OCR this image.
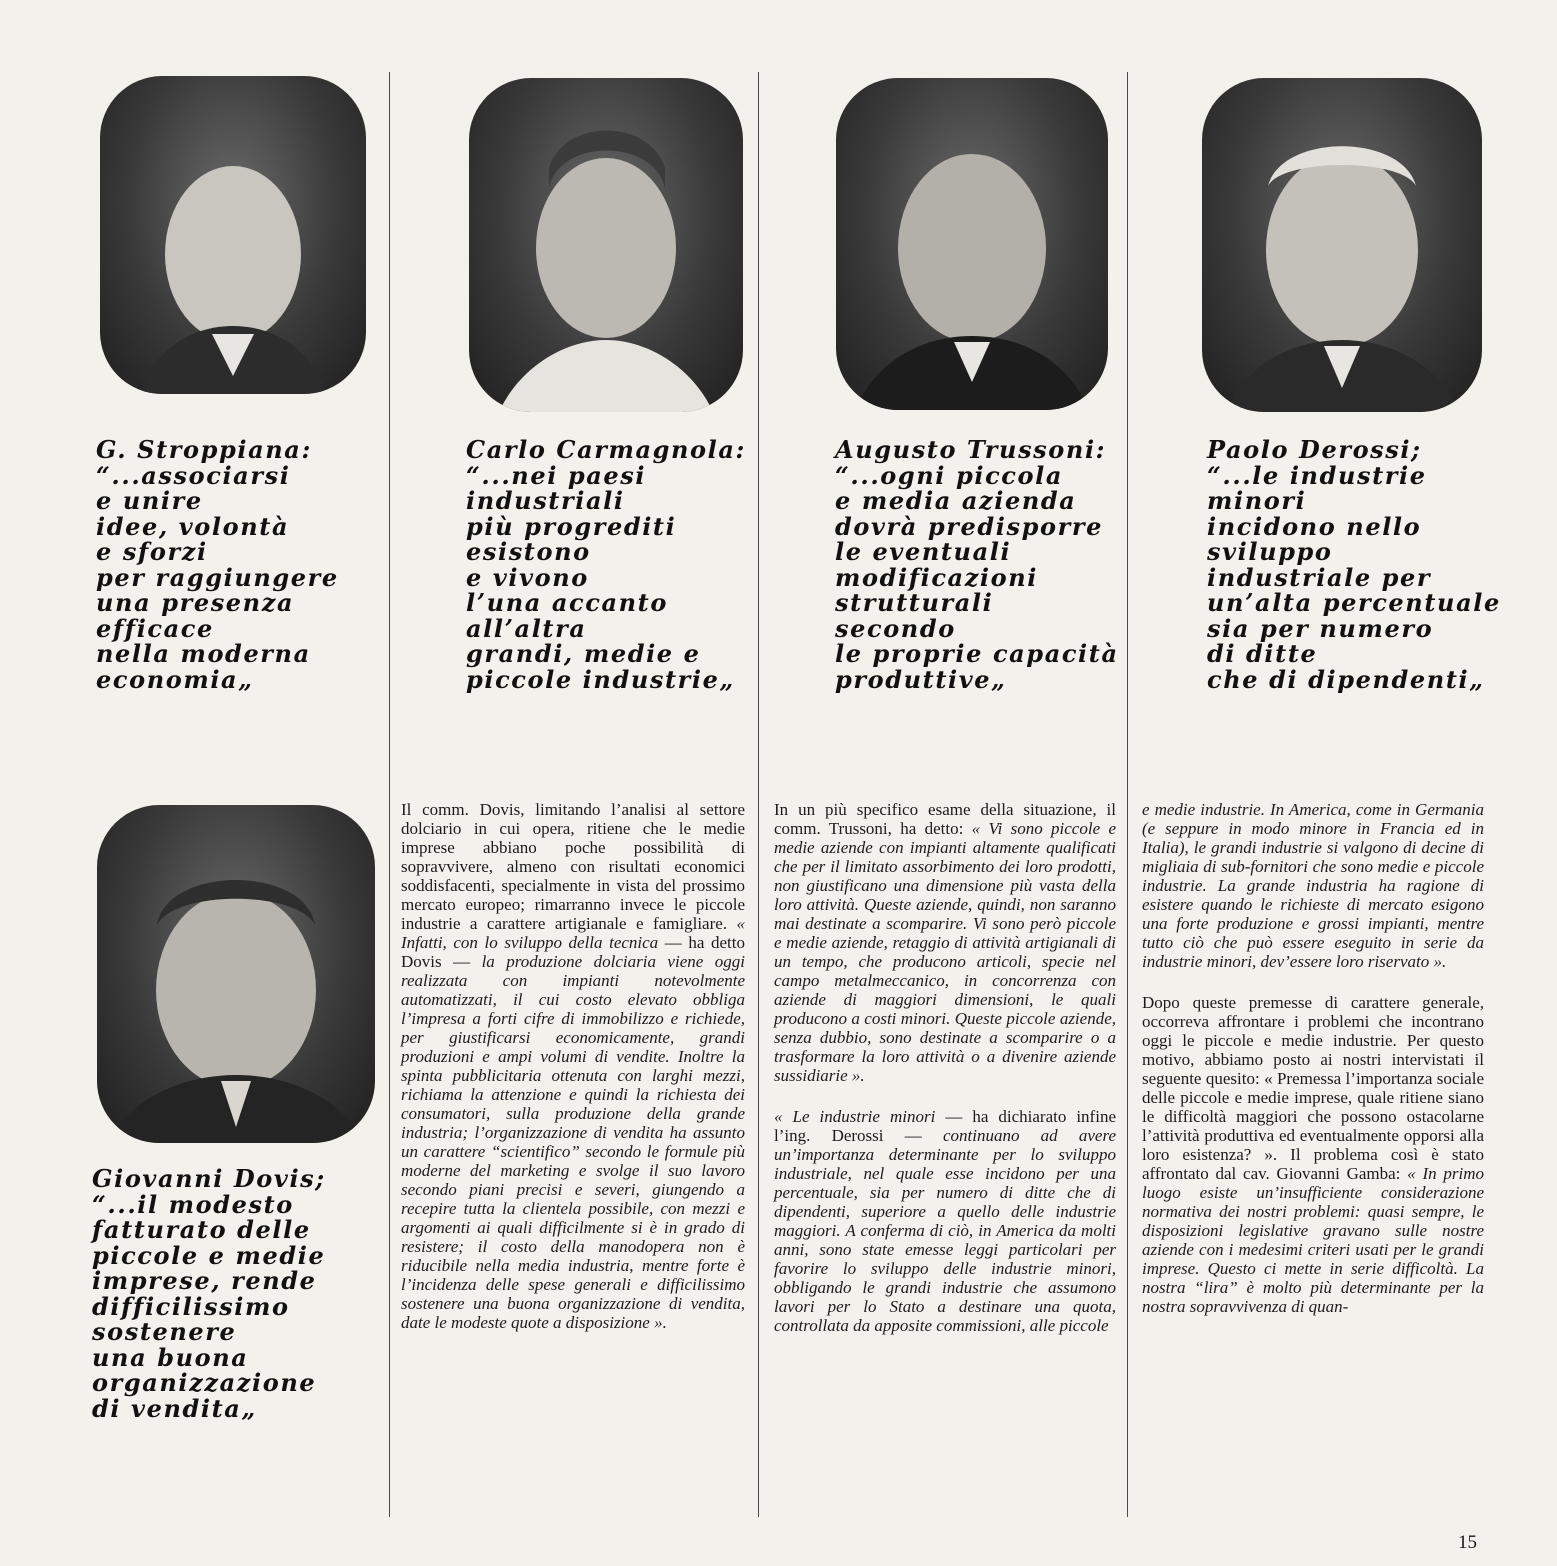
G. Stroppiana:
“...associarsi
e unire
idee, volontà
e sforzi
per raggiungere
una presenza
efficace
nella moderna
economia„
Carlo Carmagnola:
“...nei paesi
industriali
più progrediti
esistono
e vivono
l’una accanto
all’altra
grandi, medie e
piccole industrie„
Augusto Trussoni:
“...ogni piccola
e media azienda
dovrà predisporre
le eventuali
modificazioni
strutturali
secondo
le proprie capacità
produttive„
Paolo Derossi;
“...le industrie
minori
incidono nello
sviluppo
industriale per
un’alta percentuale
sia per numero
di ditte
che di dipendenti„
Giovanni Dovis;
“...il modesto
fatturato delle
piccole e medie
imprese, rende
difficilissimo
sostenere
una buona
organizzazione
di vendita„

Il comm. Dovis, limitando l’analisi al settore dolciario in cui opera, ritiene che le medie imprese abbiano poche possibilità di sopravvivere, almeno con risultati economici soddisfacenti, specialmente in vista del prossimo mercato europeo; rimarranno invece le piccole industrie a carattere artigianale e famigliare. « Infatti, con lo sviluppo della tecnica — ha detto Dovis — la produzione dolciaria viene oggi realizzata con impianti notevolmente automatizzati, il cui costo elevato obbliga l’impresa a forti cifre di immobilizzo e richiede, per giustificarsi economicamente, grandi produzioni e ampi volumi di vendite. Inoltre la spinta pubblicitaria ottenuta con larghi mezzi, richiama la attenzione e quindi la richiesta dei consumatori, sulla produzione della grande industria; l’organizzazione di vendita ha assunto un carattere “scientifico” secondo le formule più moderne del marketing e svolge il suo lavoro secondo piani precisi e severi, giungendo a recepire tutta la clientela possibile, con mezzi e argomenti ai quali difficilmente si è in grado di resistere; il costo della manodopera non è riducibile nella media industria, mentre forte è l’incidenza delle spese generali e difficilissimo sostenere una buona organizzazione di vendita, date le modeste quote a disposizione ».

In un più specifico esame della situazione, il comm. Trussoni, ha detto: « Vi sono piccole e medie aziende con impianti altamente qualificati che per il limitato assorbimento dei loro prodotti, non giustificano una dimensione più vasta della loro attività. Queste aziende, quindi, non saranno mai destinate a scomparire. Vi sono però piccole e medie aziende, retaggio di attività artigianali di un tempo, che producono articoli, specie nel campo metalmeccanico, in concorrenza con aziende di maggiori dimensioni, le quali producono a costi minori. Queste piccole aziende, senza dubbio, sono destinate a scomparire o a trasformare la loro attività o a divenire aziende sussidiarie ».

« Le industrie minori — ha dichiarato infine l’ing. Derossi — continuano ad avere un’importanza determinante per lo sviluppo industriale, nel quale esse incidono per una percentuale, sia per numero di ditte che di dipendenti, superiore a quello delle industrie maggiori. A conferma di ciò, in America da molti anni, sono state emesse leggi particolari per favorire lo sviluppo delle industrie minori, obbligando le grandi industrie che assumono lavori per lo Stato a destinare una quota, controllata da apposite commissioni, alle piccole

e medie industrie. In America, come in Germania (e seppure in modo minore in Francia ed in Italia), le grandi industrie si valgono di decine di migliaia di sub-fornitori che sono medie e piccole industrie. La grande industria ha ragione di esistere quando le richieste di mercato esigono una forte produzione e grossi impianti, mentre tutto ciò che può essere eseguito in serie da industrie minori, dev’essere loro riservato ».

Dopo queste premesse di carattere generale, occorreva affrontare i problemi che incontrano oggi le piccole e medie industrie. Per questo motivo, abbiamo posto ai nostri intervistati il seguente quesito: « Premessa l’importanza sociale delle piccole e medie imprese, quale ritiene siano le difficoltà maggiori che possono ostacolarne l’attività produttiva ed eventualmente opporsi alla loro esistenza? ». Il problema così è stato affrontato dal cav. Giovanni Gamba: « In primo luogo esiste un’insufficiente considerazione normativa dei nostri problemi: quasi sempre, le disposizioni legislative gravano sulle nostre aziende con i medesimi criteri usati per le grandi imprese. Questo ci mette in serie difficoltà. La nostra “lira” è molto più determinante per la nostra sopravvivenza di quan-

15
